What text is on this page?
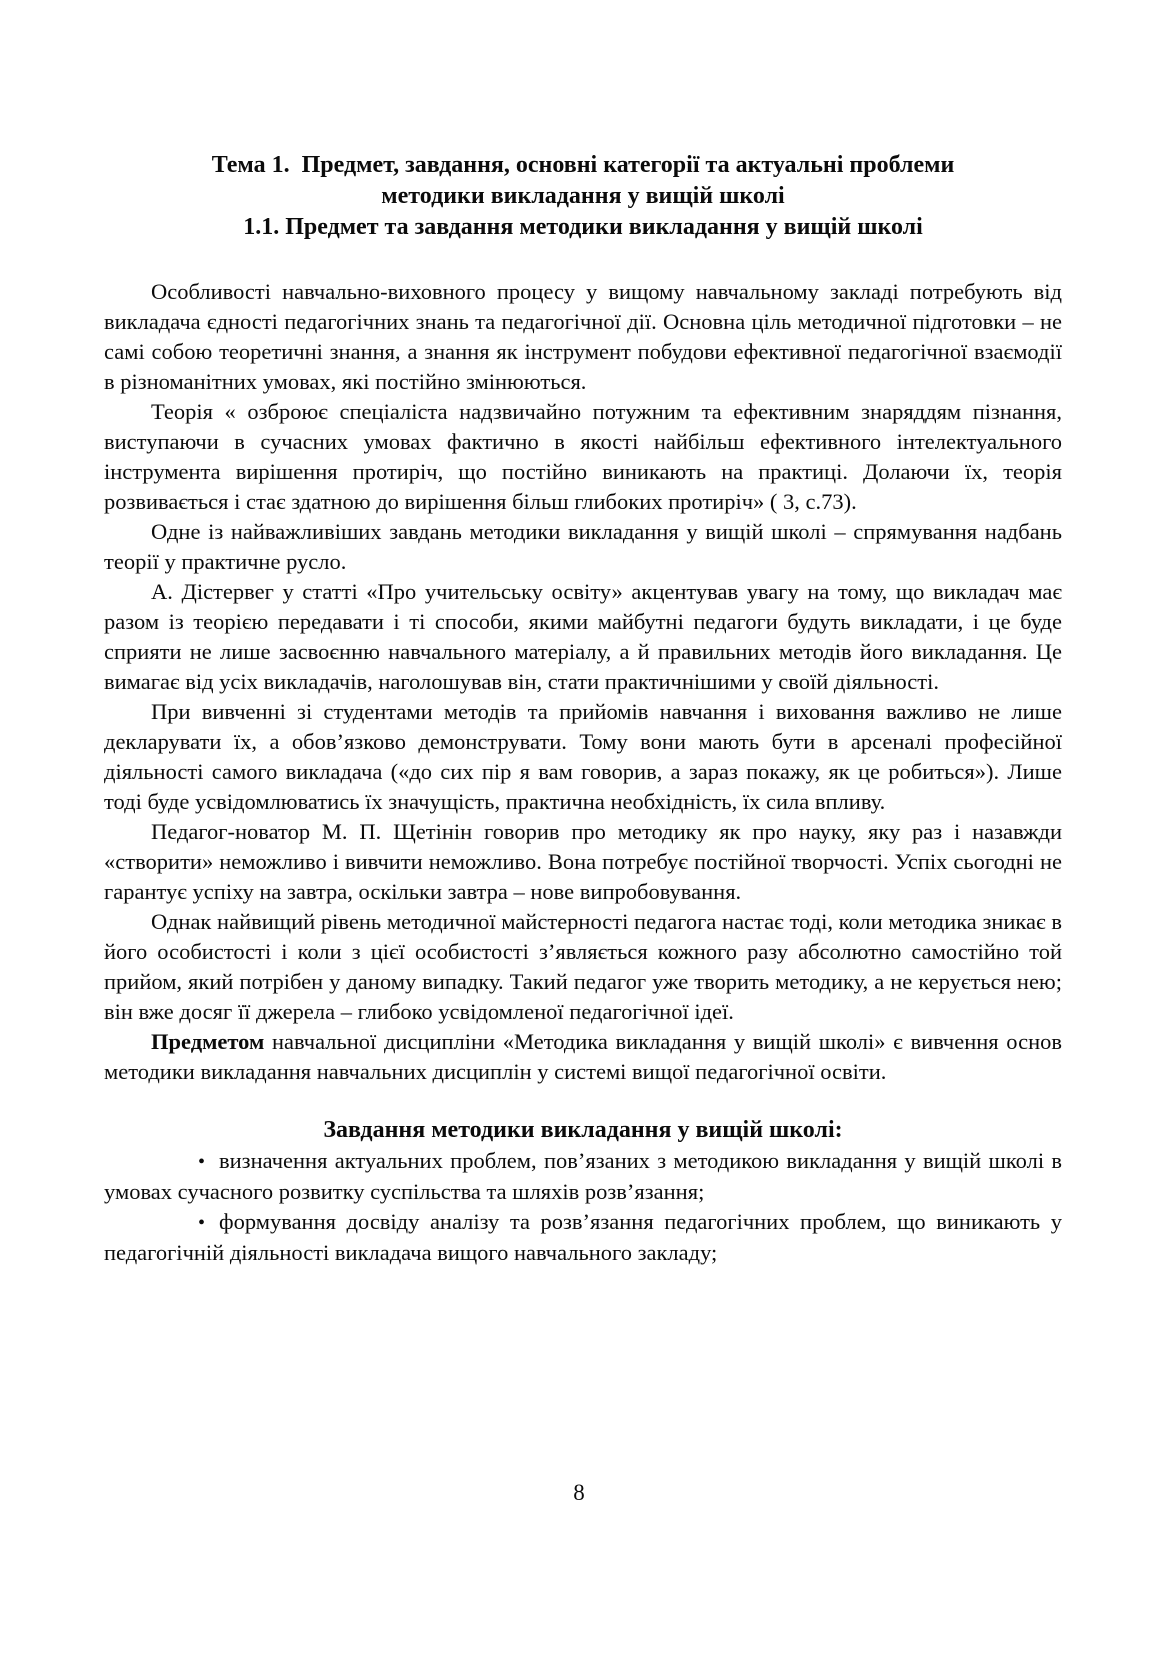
Тема 1.  Предмет, завдання, основні категорії та актуальні проблеми
методики викладання у вищій школі
1.1. Предмет та завдання методики викладання у вищій школі

Особливості навчально-виховного процесу у вищому навчальному закладі потребують від викладача єдності педагогічних знань та педагогічної дії. Основна ціль методичної підготовки – не самі собою теоретичні знання, а знання як інструмент побудови ефективної педагогічної взаємодії в різноманітних умовах, які постійно змінюються.

Теорія « озброює спеціаліста надзвичайно потужним та ефективним знаряддям пізнання, виступаючи в сучасних умовах фактично в якості найбільш ефективного інтелектуального інструмента вирішення протиріч, що постійно виникають на практиці. Долаючи їх, теорія розвивається і стає здатною до вирішення більш глибоких протиріч» ( 3, с.73).

Одне із найважливіших завдань методики викладання у вищій школі – спрямування надбань теорії у практичне русло.

А. Дістервег у статті «Про учительську освіту» акцентував увагу на тому, що викладач має разом із теорією передавати і ті способи, якими майбутні педагоги будуть викладати, і це буде сприяти не лише засвоєнню навчального матеріалу, а й правильних методів його викладання. Це вимагає від усіх викладачів, наголошував він, стати практичнішими у своїй діяльності.

При вивченні зі студентами методів та прийомів навчання і виховання важливо не лише декларувати їх, а обов’язково демонструвати. Тому вони мають бути в арсеналі професійної діяльності самого викладача («до сих пір я вам говорив, а зараз покажу, як це робиться»). Лише тоді буде усвідомлюватись їх значущість, практична необхідність, їх сила впливу.

Педагог-новатор М. П. Щетінін говорив про методику як про науку, яку раз і назавжди «створити» неможливо і вивчити неможливо. Вона потребує постійної творчості. Успіх сьогодні не гарантує успіху на завтра, оскільки завтра – нове випробовування.

Однак найвищий рівень методичної майстерності педагога настає тоді, коли методика зникає в його особистості і коли з цієї особистості з’являється кожного разу абсолютно самостійно той прийом, який потрібен у даному випадку. Такий педагог уже творить методику, а не керується нею; він вже досяг її джерела – глибоко усвідомленої педагогічної ідеї.

Предметом навчальної дисципліни «Методика викладання у вищій школі» є вивчення основ методики викладання навчальних дисциплін у системі вищої педагогічної освіти.

Завдання методики викладання у вищій школі:

• визначення актуальних проблем, пов’язаних з методикою викладання у вищій школі в умовах сучасного розвитку суспільства та шляхів розв’язання;

• формування досвіду аналізу та розв’язання педагогічних проблем, що виникають у педагогічній діяльності викладача вищого навчального закладу;

8
